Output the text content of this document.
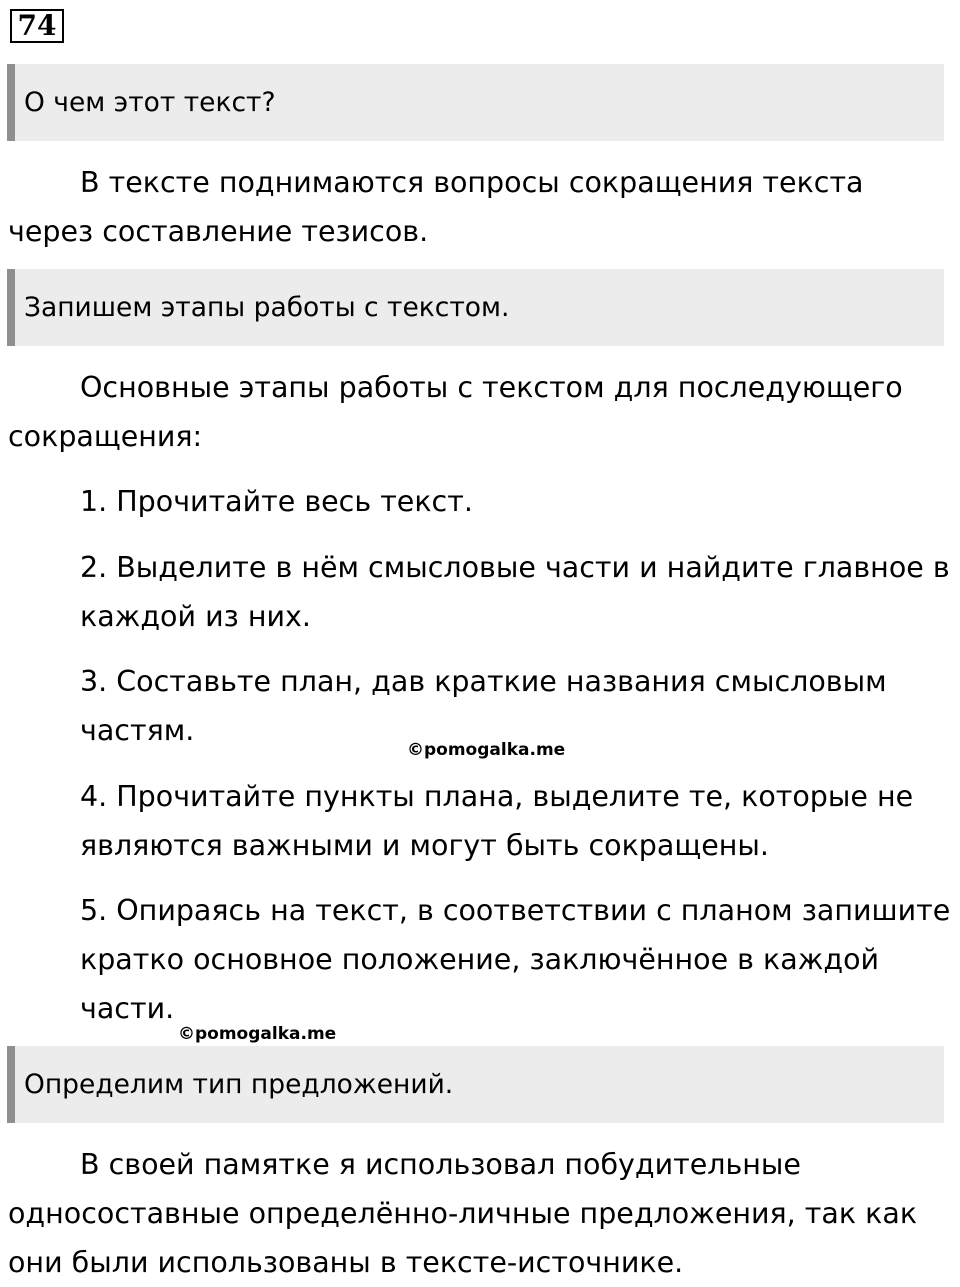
74
О чем этот текст?

В тексте поднимаются вопросы сокращения текста через составление тезисов.

Запишем этапы работы с текстом.

Основные этапы работы с текстом для последующего сокращения:

1. Прочитайте весь текст.

2. Выделите в нём смысловые части и найдите главное в каждой из них.

3. Составьте план, дав краткие названия смысловым частям.

4. Прочитайте пункты плана, выделите те, которые не являются важными и могут быть сокращены.

5. Опираясь на текст, в соответствии с планом запишите кратко основное положение, заключённое в каждой части.

©pomogalka.me
©pomogalka.me
Определим тип предложений.

В своей памятке я использовал побудительные односоставные определённо-личные предложения, так как они были использованы в тексте-источнике.
